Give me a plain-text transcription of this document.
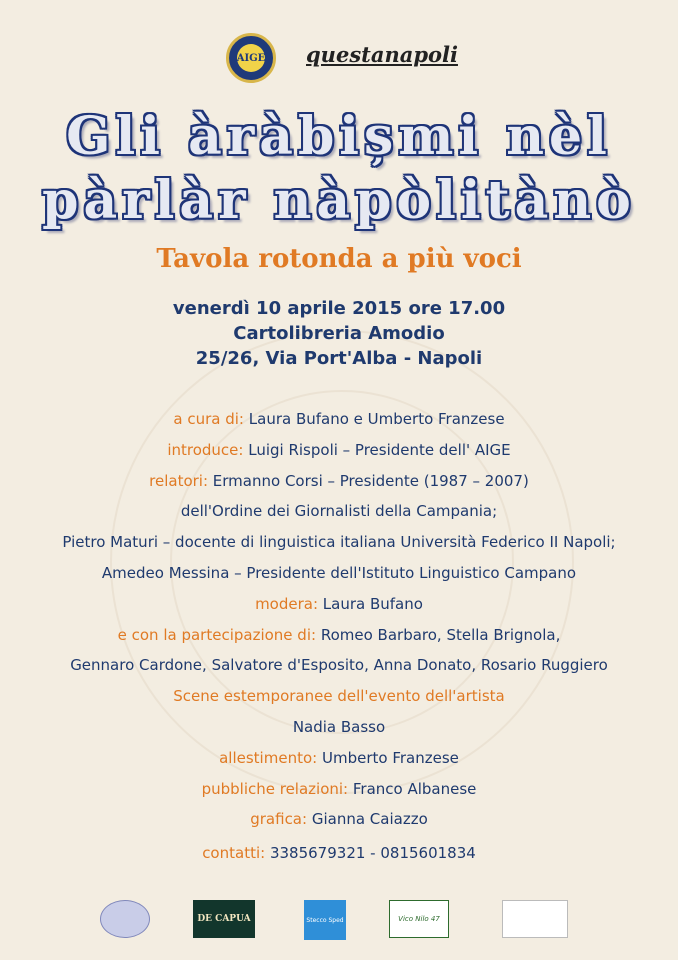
AIGE questanapoli
Gli àràbișmi nèl
pàrlàr nàpòlitànò
Tavola rotonda a più voci
venerdì 10 aprile 2015 ore 17.00
Cartolibreria Amodio
25/26, Via Port'Alba - Napoli
a cura di: Laura Bufano e Umberto Franzese
introduce: Luigi Rispoli – Presidente dell' AIGE
relatori: Ermanno Corsi – Presidente (1987 – 2007)
dell'Ordine dei Giornalisti della Campania;
Pietro Maturi – docente di linguistica italiana Università Federico II Napoli;
Amedeo Messina – Presidente dell'Istituto Linguistico Campano
modera: Laura Bufano
e con la partecipazione di: Romeo Barbaro, Stella Brignola,
Gennaro Cardone, Salvatore d'Esposito, Anna Donato, Rosario Ruggiero
Scene estemporanee dell'evento dell'artista
Nadia Basso
allestimento: Umberto Franzese
pubbliche relazioni: Franco Albanese
grafica: Gianna Caiazzo
contatti: 3385679321 - 0815601834
DE CAPUA	Stecco Sped	Vico Nilo 47
